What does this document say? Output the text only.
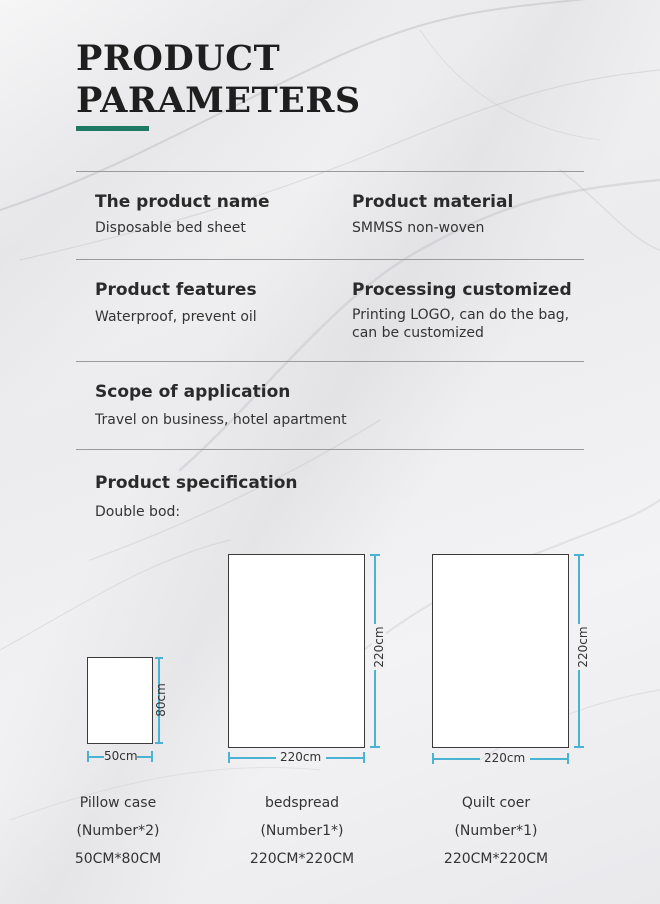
PRODUCT
PARAMETERS
The product name
Disposable bed sheet
Product material
SMMSS non-woven
Product features
Waterproof, prevent oil
Processing customized
Printing LOGO, can do the bag,
can be customized
Scope of application
Travel on business, hotel apartment
Product specification
Double bod:
80cm
50cm
220cm
220cm
220cm
220cm
Pillow case
(Number*2)
50CM*80CM
bedspread
(Number1*)
220CM*220CM
Quilt coer
(Number*1)
220CM*220CM
